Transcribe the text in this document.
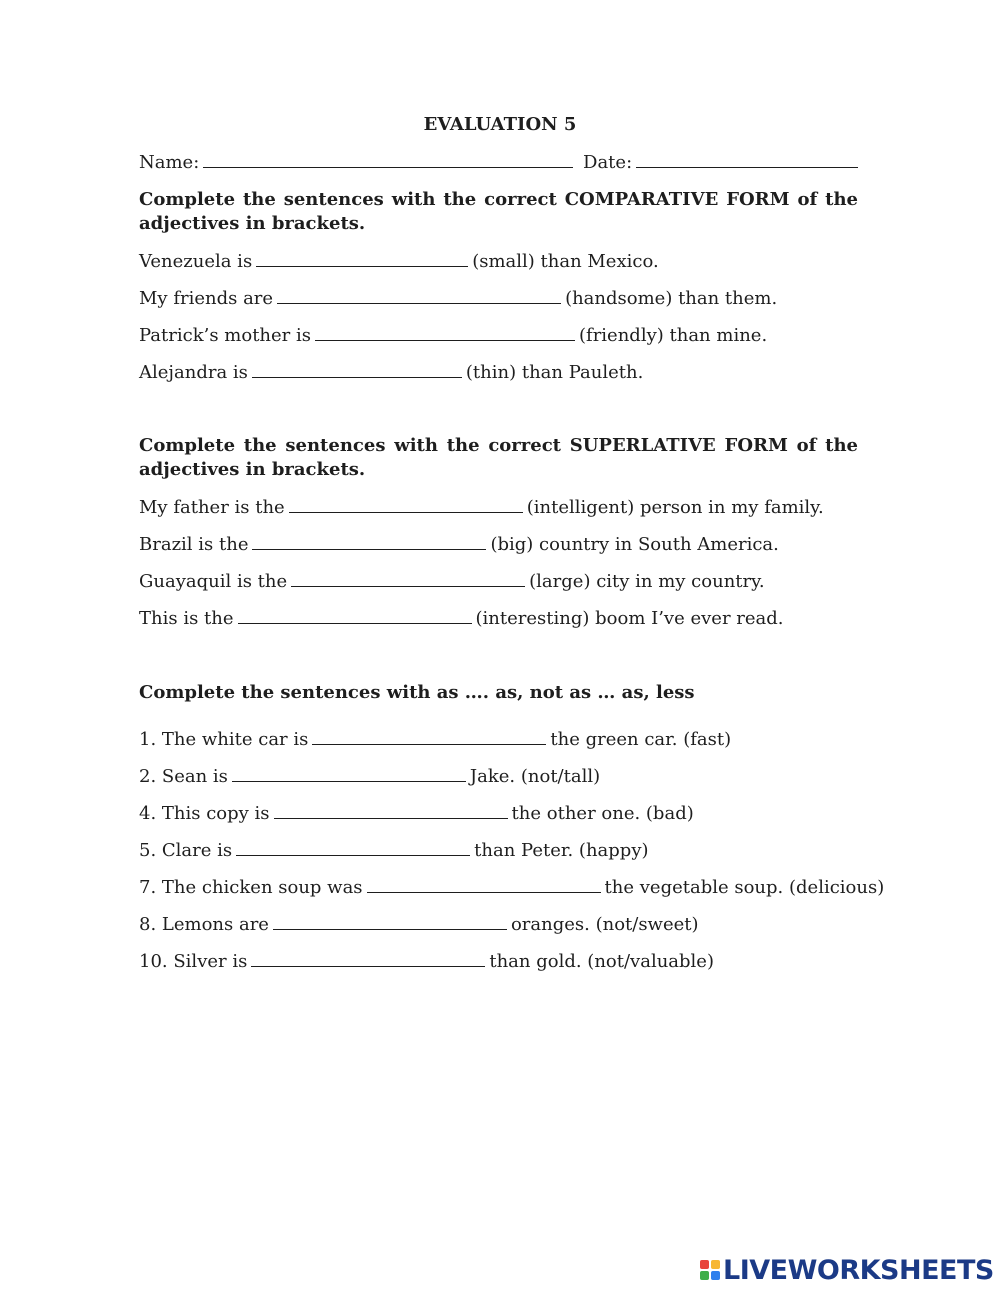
EVALUATION 5
Name:	Date:
Complete the sentences with the correct COMPARATIVE FORM of the adjectives in brackets.
Venezuela is	(small) than Mexico.
My friends are	(handsome) than them.
Patrick’s mother is	(friendly) than mine.
Alejandra is	(thin) than Pauleth.
Complete the sentences with the correct SUPERLATIVE FORM of the adjectives in brackets.
My father is the	(intelligent) person in my family.
Brazil is the	(big) country in South America.
Guayaquil is the	(large) city in my country.
This is the	(interesting) boom I’ve ever read.
Complete the sentences with as …. as, not as … as, less
1. The white car is	the green car. (fast)
2. Sean is	Jake. (not/tall)
4. This copy is	the other one. (bad)
5. Clare is	than Peter. (happy)
7. The chicken soup was	the vegetable soup. (delicious)
8. Lemons are	oranges. (not/sweet)
10. Silver is	than gold. (not/valuable)
LIVEWORKSHEETS
